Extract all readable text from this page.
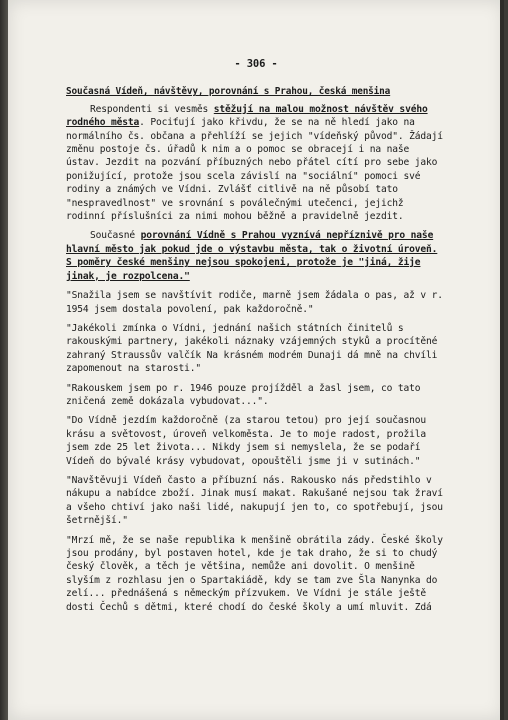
- 306 -
Současná Vídeň, návštěvy, porovnání s Prahou, česká menšina

Respondenti si vesměs stěžují na malou možnost návštěv svého rodného města. Pociťují jako křivdu, že se na ně hledí jako na normálního čs. občana a přehlíží se jejich "vídeňský původ". Žádají změnu postoje čs. úřadů k nim a o pomoc se obracejí i na naše ústav. Jezdit na pozvání příbuzných nebo přátel cítí pro sebe jako ponižující, protože jsou scela závislí na "sociální" pomoci své rodiny a známých ve Vídni. Zvlášť citlivě na ně působí tato "nespravedlnost" ve srovnání s poválečnými utečenci, jejichž rodinní příslušníci za nimi mohou běžně a pravidelně jezdit.

Současné porovnání Vídně s Prahou vyznívá nepříznivě pro naše hlavní město jak pokud jde o výstavbu města, tak o životní úroveň. S poměry české menšiny nejsou spokojeni, protože je "jiná, žije jinak, je rozpolcena."

"Snažila jsem se navštívit rodiče, marně jsem žádala o pas, až v r. 1954 jsem dostala povolení, pak každoročně."

"Jakékoli zmínka o Vídni, jednání našich státních činitelů s rakouskými partnery, jakékoli náznaky vzájemných styků a procítěné zahraný Straussův valčík Na krásném modrém Dunaji dá mně na chvíli zapomenout na starosti."

"Rakouskem jsem po r. 1946 pouze projížděl a žasl jsem, co tato zničená země dokázala vybudovat...".

"Do Vídně jezdím každoročně (za starou tetou) pro její současnou krásu a světovost, úroveň velkoměsta. Je to moje radost, prožila jsem zde 25 let života... Nikdy jsem si nemyslela, že se podaří Vídeň do bývalé krásy vybudovat, opouštěli jsme ji v sutinách."

"Navštěvuji Vídeň často a příbuzní nás. Rakousko nás předstihlo v nákupu a nabídce zboží. Jinak musí makat. Rakušané nejsou tak žraví a všeho chtiví jako naši lidé, nakupují jen to, co spotřebují, jsou šetrnější."

"Mrzí mě, že se naše republika k menšině obrátila zády. České školy jsou prodány, byl postaven hotel, kde je tak draho, že si to chudý český člověk, a těch je většina, nemůže ani dovolit. O menšině slyším z rozhlasu jen o Spartakiádě, kdy se tam zve Šla Nanynka do zelí... přednášená s německým přízvukem. Ve Vídni je stále ještě dosti Čechů s dětmi, které chodí do české školy a umí mluvit. Zdá
